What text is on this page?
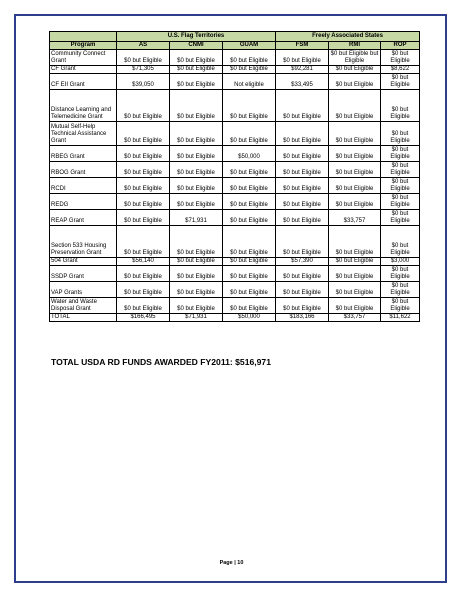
	U.S. Flag Territories			Freely Associated States		
Program	AS	CNMI	GUAM	FSM	RMI	ROP
Community Connect Grant	$0 but Eligible	$0 but Eligible	$0 but Eligible	$0 but Eligible	$0 but Eligible but Eligible	$0 but Eligible
CF Grant	$71,305	$0 but Eligible	$0 but Eligible	$92,281	$0 but Eligible	$8,622
CF EII Grant	$39,050	$0 but Eligible	Not eligible	$33,495	$0 but Eligible	$0 but Eligible
Distance Learning and Telemedicine Grant	$0 but Eligible	$0 but Eligible	$0 but Eligible	$0 but Eligible	$0 but Eligible	$0 but Eligible
Mutual Self-Help Technical Assistance Grant	$0 but Eligible	$0 but Eligible	$0 but Eligible	$0 but Eligible	$0 but Eligible	$0 but Eligible
RBEG Grant	$0 but Eligible	$0 but Eligible	$50,000	$0 but Eligible	$0 but Eligible	$0 but Eligible
RBOG Grant	$0 but Eligible	$0 but Eligible	$0 but Eligible	$0 but Eligible	$0 but Eligible	$0 but Eligible
RCDI	$0 but Eligible	$0 but Eligible	$0 but Eligible	$0 but Eligible	$0 but Eligible	$0 but Eligible
REDG	$0 but Eligible	$0 but Eligible	$0 but Eligible	$0 but Eligible	$0 but Eligible	$0 but Eligible
REAP Grant	$0 but Eligible	$71,931	$0 but Eligible	$0 but Eligible	$33,757	$0 but Eligible
Section 533 Housing Preservation Grant	$0 but Eligible	$0 but Eligible	$0 but Eligible	$0 but Eligible	$0 but Eligible	$0 but Eligible
504 Grant	$56,140	$0 but Eligible	$0 but Eligible	$57,390	$0 but Eligible	$3,000
SSDP Grant	$0 but Eligible	$0 but Eligible	$0 but Eligible	$0 but Eligible	$0 but Eligible	$0 but Eligible
VAP Grants	$0 but Eligible	$0 but Eligible	$0 but Eligible	$0 but Eligible	$0 but Eligible	$0 but Eligible
Water and Waste Disposal Grant	$0 but Eligible	$0 but Eligible	$0 but Eligible	$0 but Eligible	$0 but Eligible	$0 but Eligible
TOTAL	$166,495	$71,931	$50,000	$183,166	$33,757	$11,622
TOTAL USDA RD FUNDS AWARDED FY2011: $516,971
Page | 10
